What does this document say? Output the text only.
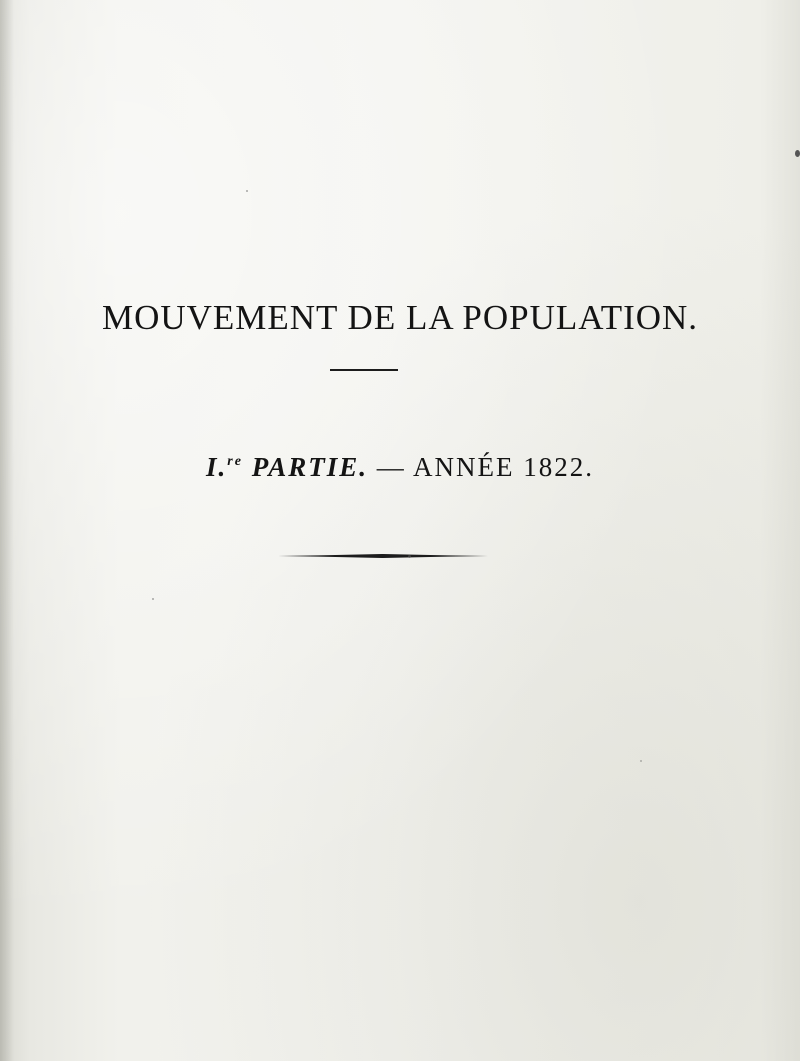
MOUVEMENT DE LA POPULATION.
I.$^{re}$ PARTIE. — ANNÉE 1822.
